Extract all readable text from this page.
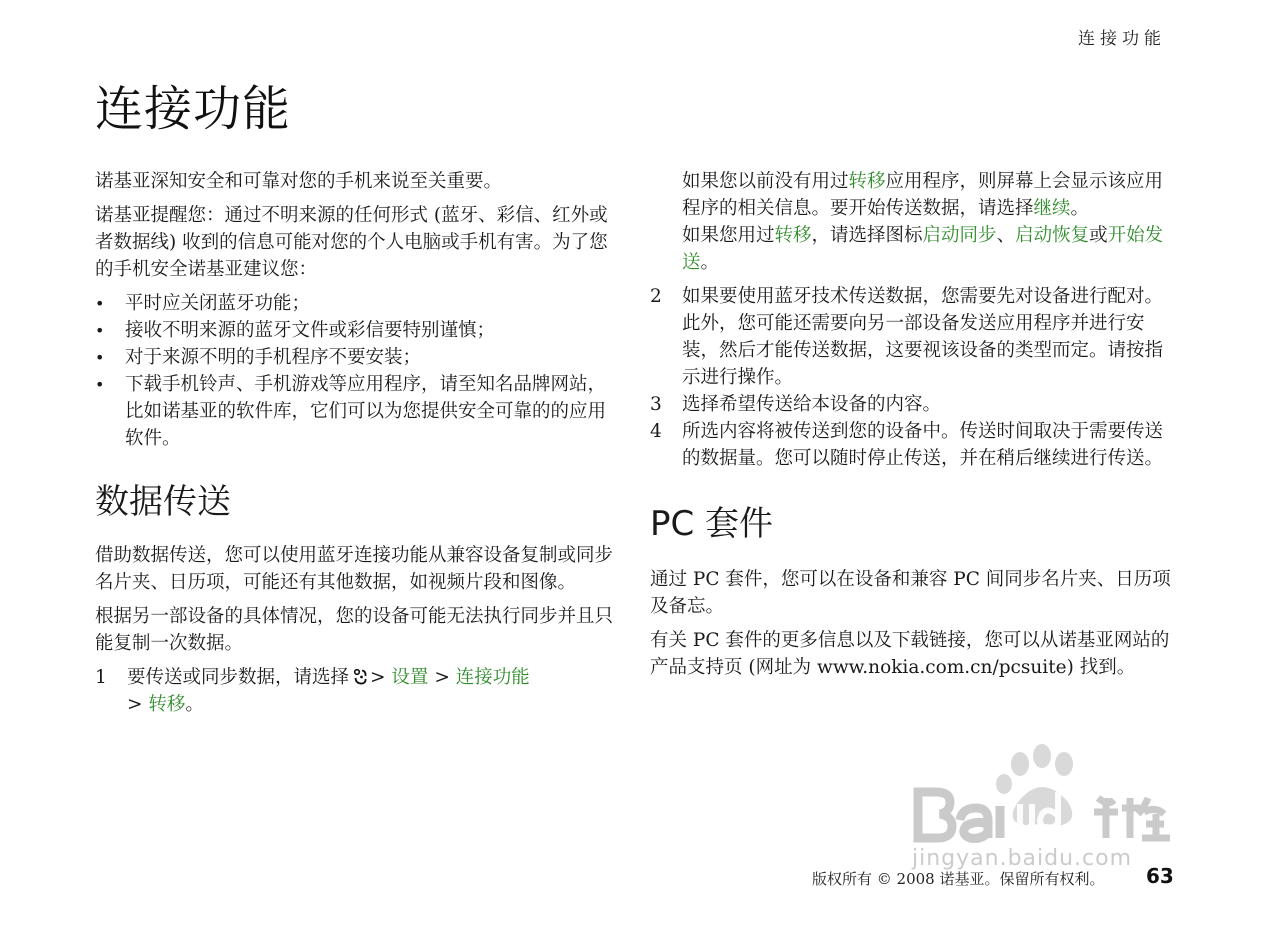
连接功能
连接功能

诺基亚深知安全和可靠对您的手机来说至关重要。

诺基亚提醒您：通过不明来源的任何形式 (蓝牙、彩信、红外或者数据线) 收到的信息可能对您的个人电脑或手机有害。为了您的手机安全诺基亚建议您：

• 平时应关闭蓝牙功能；
• 接收不明来源的蓝牙文件或彩信要特别谨慎；
• 对于来源不明的手机程序不要安装；
• 下载手机铃声、手机游戏等应用程序，请至知名品牌网站，比如诺基亚的软件库，它们可以为您提供安全可靠的的应用软件。
数据传送

借助数据传送，您可以使用蓝牙连接功能从兼容设备复制或同步名片夹、日历项，可能还有其他数据，如视频片段和图像。

根据另一部设备的具体情况，您的设备可能无法执行同步并且只能复制一次数据。

1 要传送或同步数据，请选择 > 设置 > 连接功能
> 转移。

如果您以前没有用过转移应用程序，则屏幕上会显示该应用程序的相关信息。要开始传送数据，请选择继续。

如果您用过转移，请选择图标启动同步、启动恢复或开始发送。

2 如果要使用蓝牙技术传送数据，您需要先对设备进行配对。
此外，您可能还需要向另一部设备发送应用程序并进行安装，然后才能传送数据，这要视该设备的类型而定。请按指示进行操作。
3 选择希望传送给本设备的内容。
4 所选内容将被传送到您的设备中。传送时间取决于需要传送的数据量。您可以随时停止传送，并在稍后继续进行传送。
PC 套件

通过 PC 套件，您可以在设备和兼容 PC 间同步名片夹、日历项及备忘。

有关 PC 套件的更多信息以及下载链接，您可以从诺基亚网站的产品支持页 (网址为 www.nokia.com.cn/pcsuite) 找到。

jingyan.baidu.com
版权所有 © 2008 诺基亚。保留所有权利。 63
